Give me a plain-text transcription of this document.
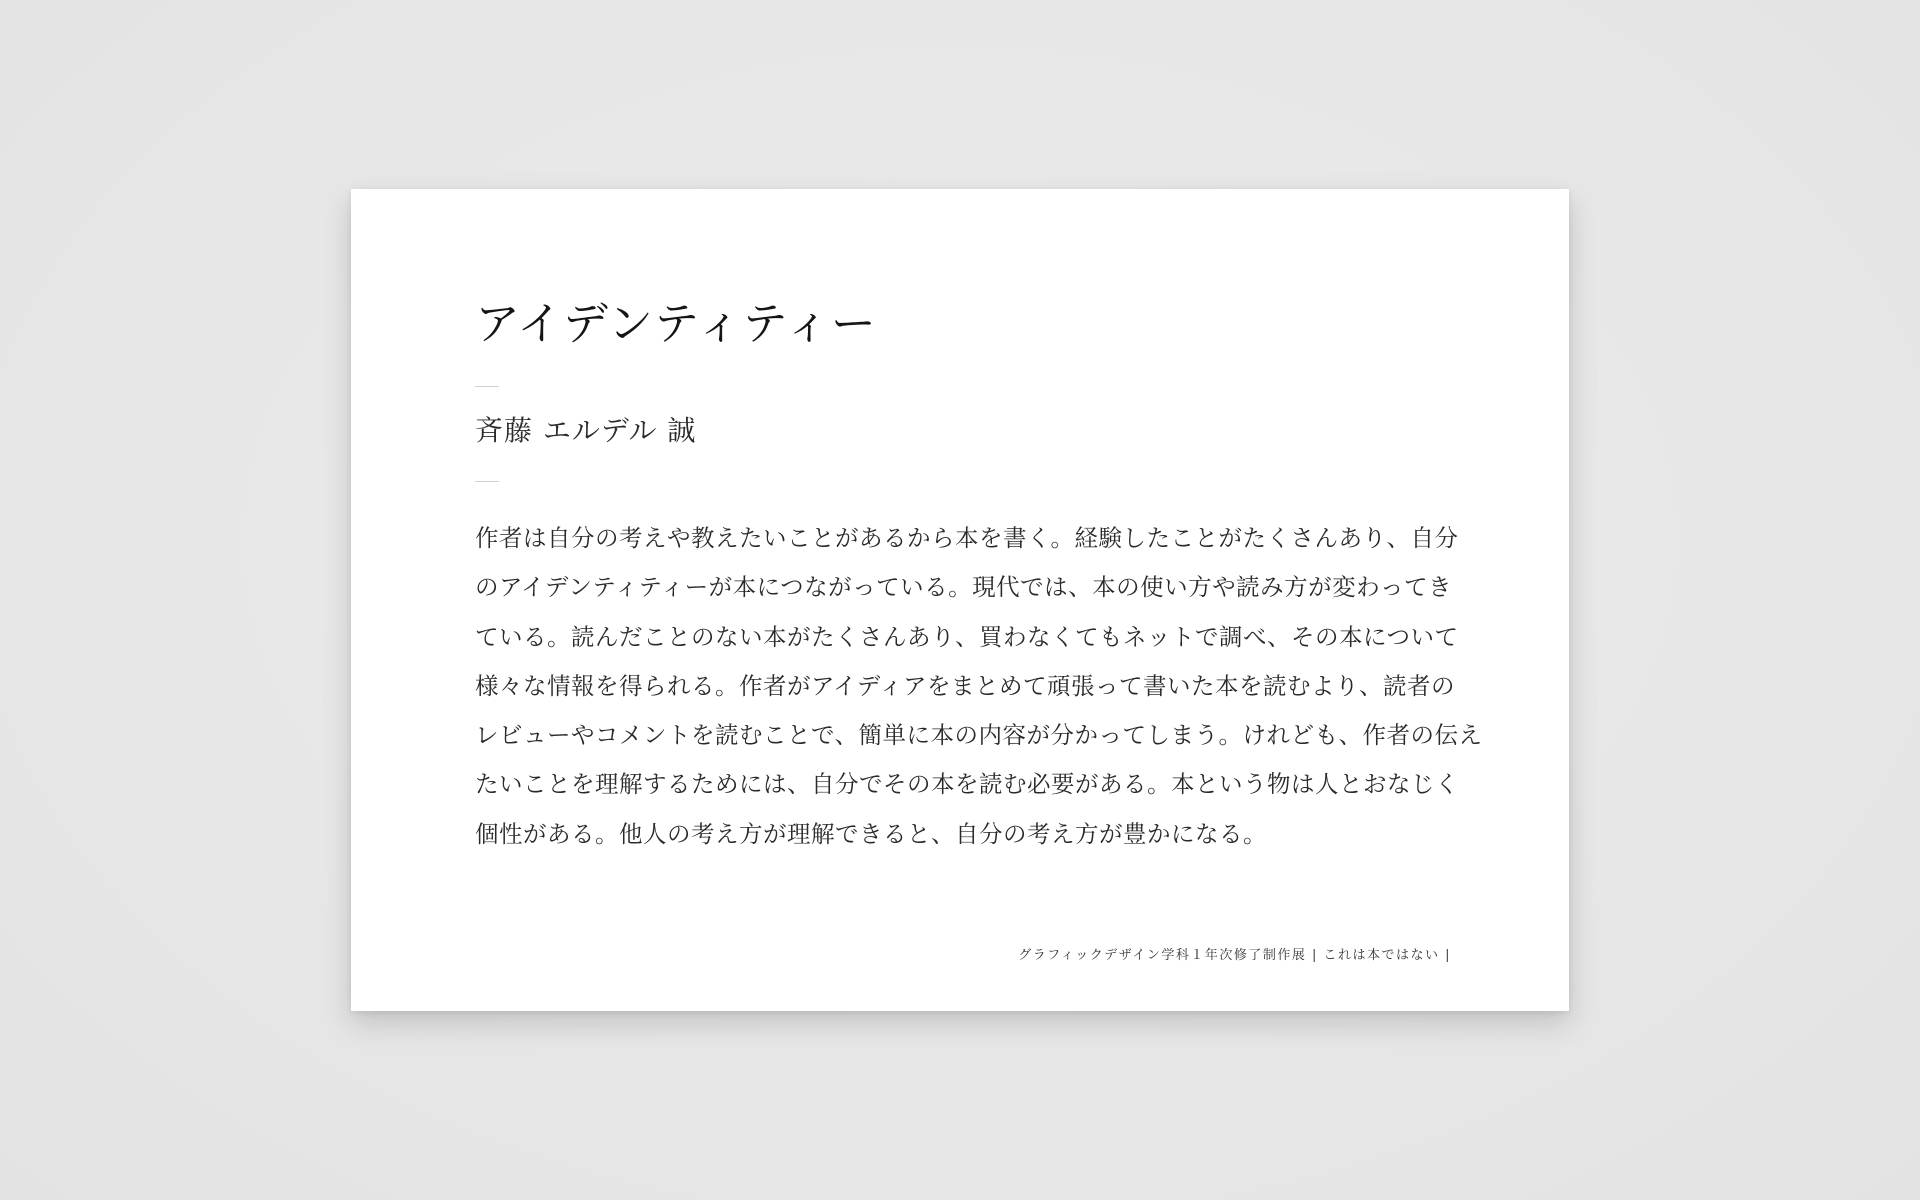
アイデンティティー
斉藤 エルデル 誠
作者は自分の考えや教えたいことがあるから本を書く。経験したことがたくさんあり、自分
のアイデンティティーが本につながっている。現代では、本の使い方や読み方が変わってき
ている。読んだことのない本がたくさんあり、買わなくてもネットで調べ、その本について
様々な情報を得られる。作者がアイディアをまとめて頑張って書いた本を読むより、読者の
レビューやコメントを読むことで、簡単に本の内容が分かってしまう。けれども、作者の伝え
たいことを理解するためには、自分でその本を読む必要がある。本という物は人とおなじく
個性がある。他人の考え方が理解できると、自分の考え方が豊かになる。
グラフィックデザイン学科１年次修了制作展 | これは本ではない |
